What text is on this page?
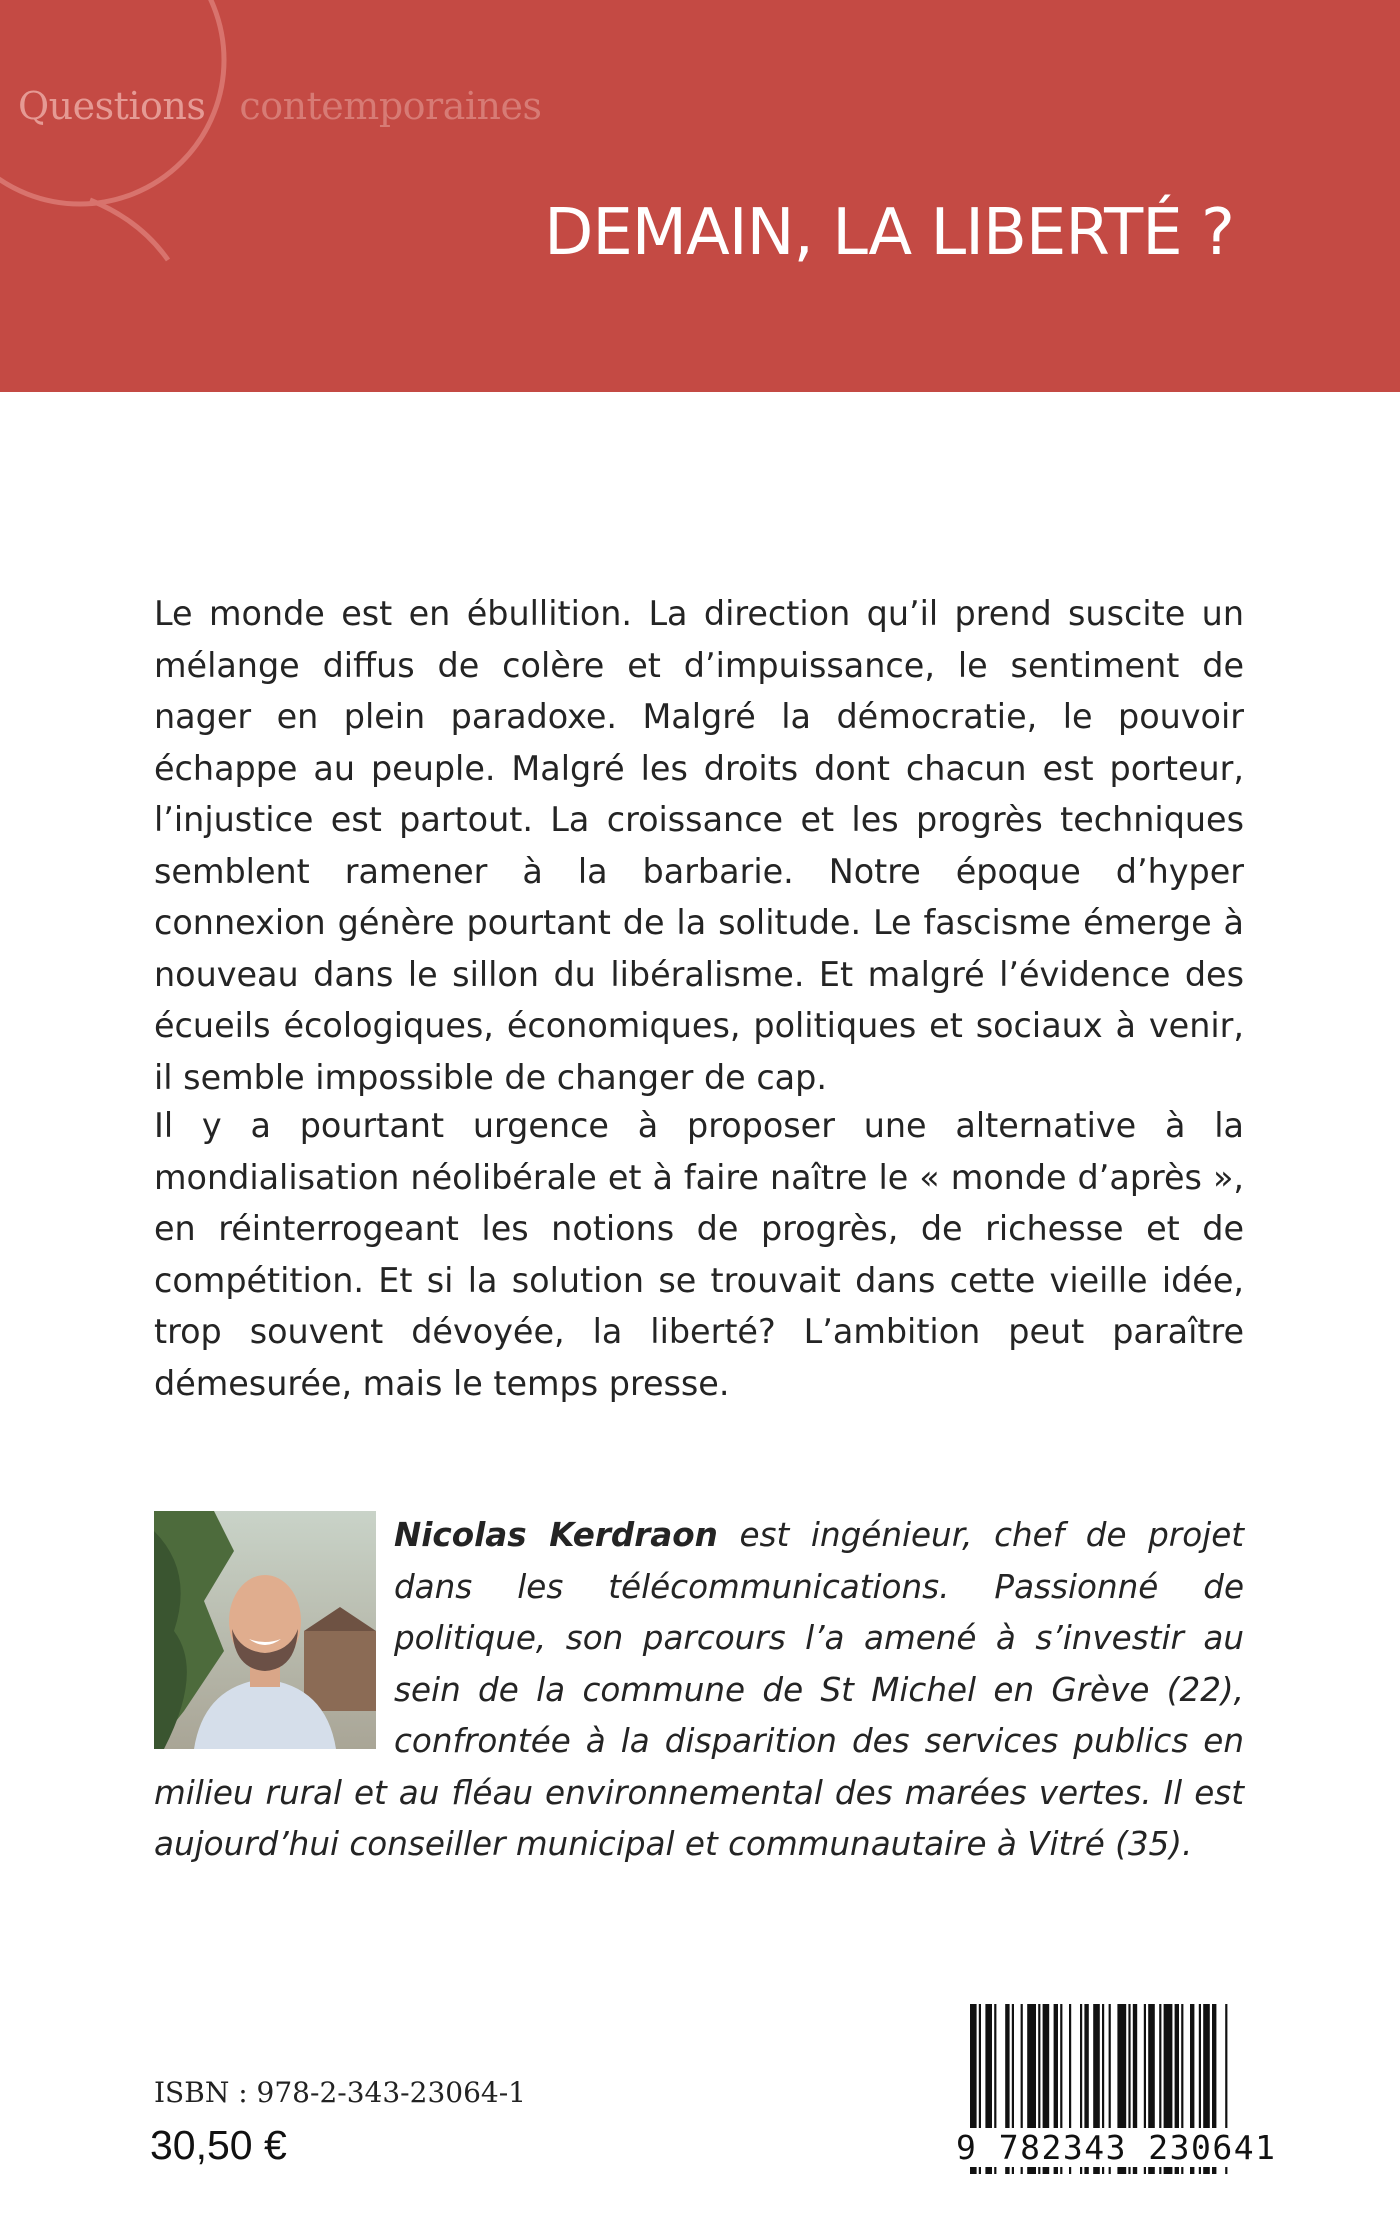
Questions contemporaines
DEMAIN, LA LIBERTÉ ?

Le monde est en ébullition. La direction qu’il prend suscite un mélange diffus de colère et d’impuissance, le sentiment de nager en plein paradoxe. Malgré la démocratie, le pouvoir échappe au peuple. Malgré les droits dont chacun est porteur, l’injustice est partout. La croissance et les progrès techniques semblent ramener à la barbarie. Notre époque d’hyper connexion génère pourtant de la solitude. Le fascisme émerge à nouveau dans le sillon du libéralisme. Et malgré l’évidence des écueils écologiques, économiques, politiques et sociaux à venir, il semble impossible de changer de cap.

Il y a pourtant urgence à proposer une alternative à la mondialisation néolibérale et à faire naître le « monde d’après », en réinterrogeant les notions de progrès, de richesse et de compétition. Et si la solution se trouvait dans cette vieille idée, trop souvent dévoyée, la liberté? L’ambition peut paraître démesurée, mais le temps presse.

Nicolas Kerdraon est ingénieur, chef de projet dans les télécommunications. Passionné de politique, son parcours l’a amené à s’investir au sein de la commune de St Michel en Grève (22), confrontée à la disparition des services publics en milieu rural et au fléau environnemental des marées vertes. Il est aujourd’hui conseiller municipal et communautaire à Vitré (35).

ISBN : 978-2-343-23064-1
30,50 €	9 782343 230641
